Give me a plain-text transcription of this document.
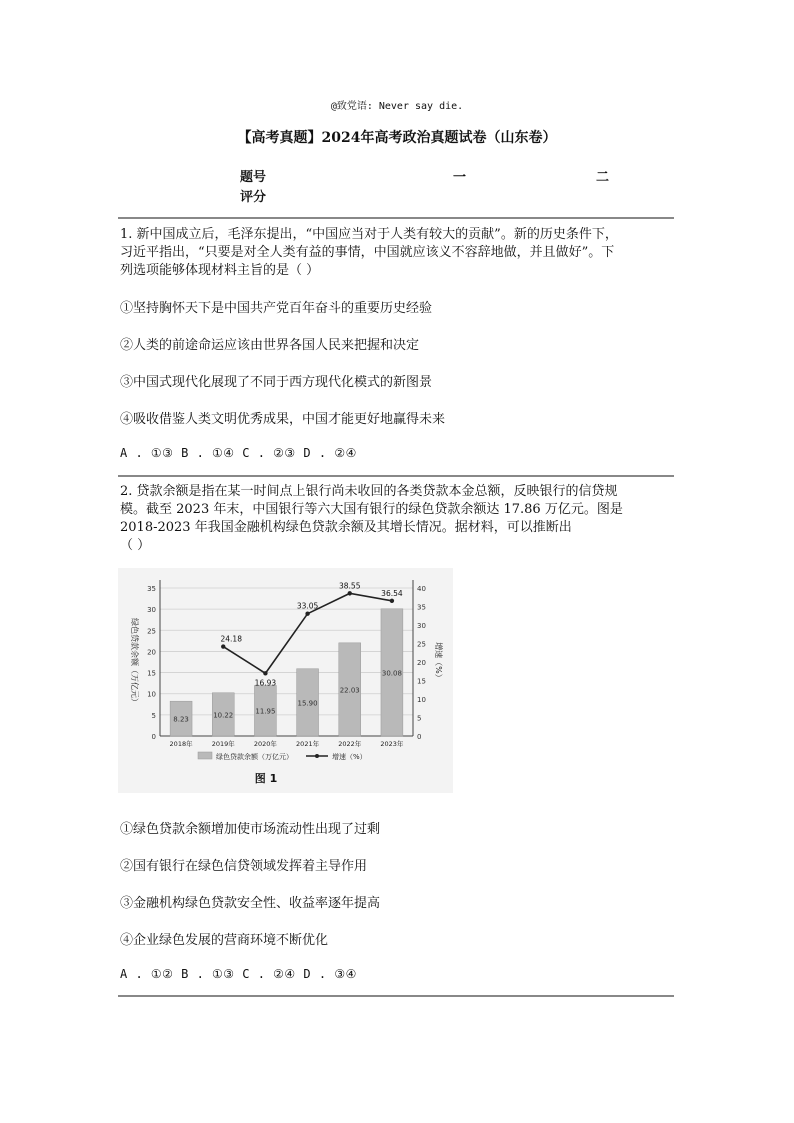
@致党语: Never say die.
【高考真题】2024年高考政治真题试卷（山东卷）
题号	一	二
评分
1. 新中国成立后，毛泽东提出，“中国应当对于人类有较大的贡献”。新的历史条件下，
习近平指出，“只要是对全人类有益的事情，中国就应该义不容辞地做，并且做好”。下
列选项能够体现材料主旨的是（ ）
①坚持胸怀天下是中国共产党百年奋斗的重要历史经验
②人类的前途命运应该由世界各国人民来把握和决定
③中国式现代化展现了不同于西方现代化模式的新图景
④吸收借鉴人类文明优秀成果，中国才能更好地赢得未来
A . ①③ B . ①④ C . ②③ D . ②④
2. 贷款余额是指在某一时间点上银行尚未收回的各类贷款本金总额，反映银行的信贷规
模。截至 2023 年末，中国银行等六大国有银行的绿色贷款余额达 17.86 万亿元。图是
2018-2023 年我国金融机构绿色贷款余额及其增长情况。据材料，可以推断出
（ ）
0
5
10
15
20
25
30
35
0
5
10
15
20
25
30
35
40
8.23
2018年
10.22
2019年
11.95
2020年
15.90
2021年
22.03
2022年
30.08
2023年
24.18
16.93
33.05
38.55
36.54
绿色贷款余额（万亿元）	增速（%）
绿色贷款余额（万亿元）	增速（%）
图 1
①绿色贷款余额增加使市场流动性出现了过剩
②国有银行在绿色信贷领域发挥着主导作用
③金融机构绿色贷款安全性、收益率逐年提高
④企业绿色发展的营商环境不断优化
A . ①② B . ①③ C . ②④ D . ③④
